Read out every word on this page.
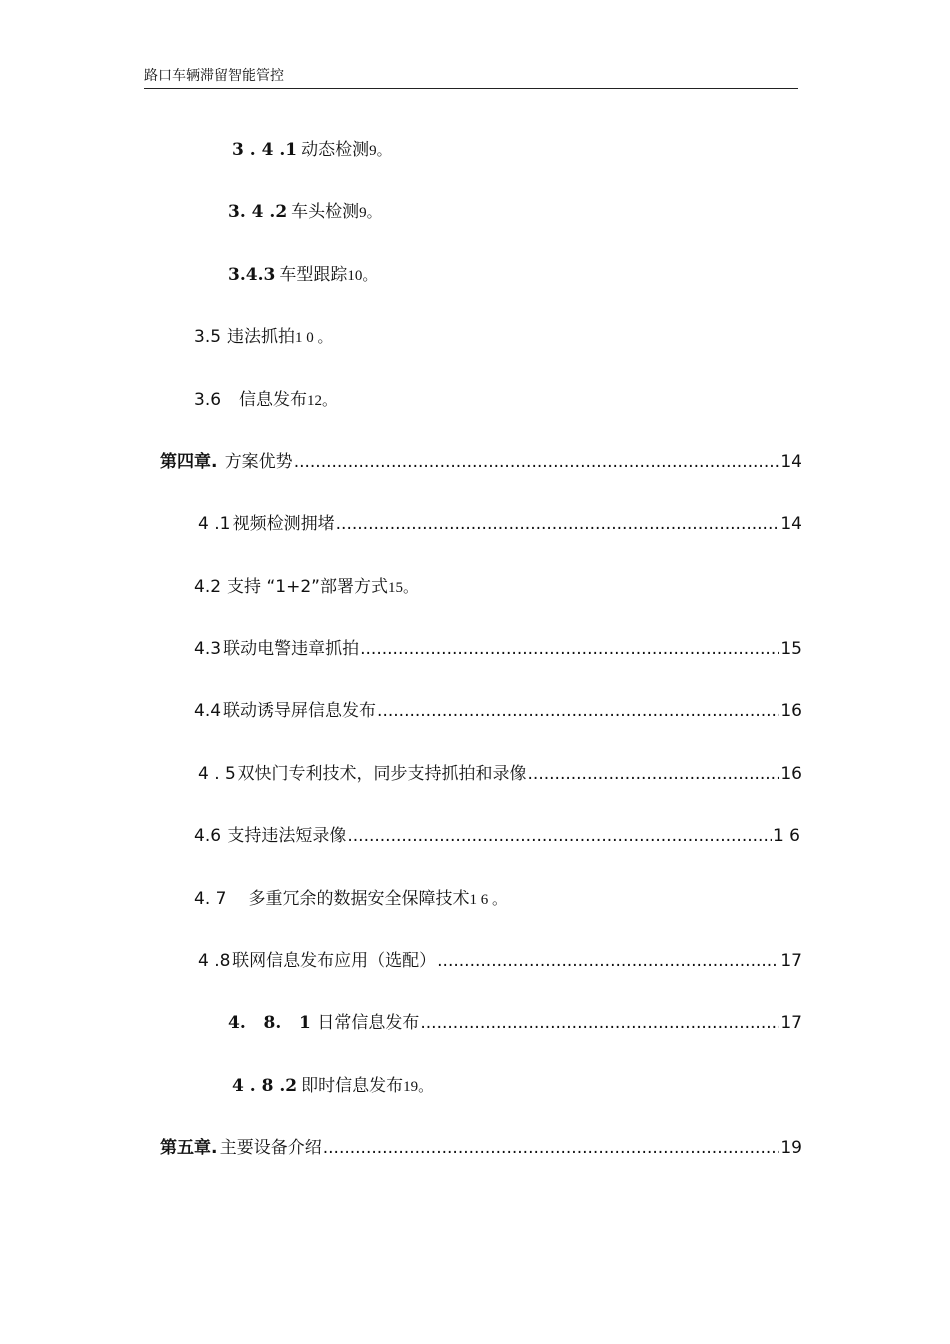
路口车辆滞留智能管控
3 . 4 .1 动态检测 9。
3. 4 .2 车头检测 9。
3.4.3 车型跟踪 10。
3.5 违法抓拍 1 0 。
3.6 信息发布 12。
第四章. 方案优势 .....	14
4 .1 视频检测拥堵 .....	14
4.2 支持 “1+2”部署方式 15。
4.3 联动电警违章抓拍 .....	15
4.4 联动诱导屏信息发布 .....	16
4 . 5 双快门专利技术，同步支持抓拍和录像 .....	16
4.6 支持违法短录像 .....	1 6
4. 7 多重冗余的数据安全保障技术 1 6 。
4 .8 联网信息发布应用（选配） .....	17
4.   8.   1 日常信息发布 .....	17
4 . 8 .2 即时信息发布 19。
第五章. 主要设备介绍 .....	19
